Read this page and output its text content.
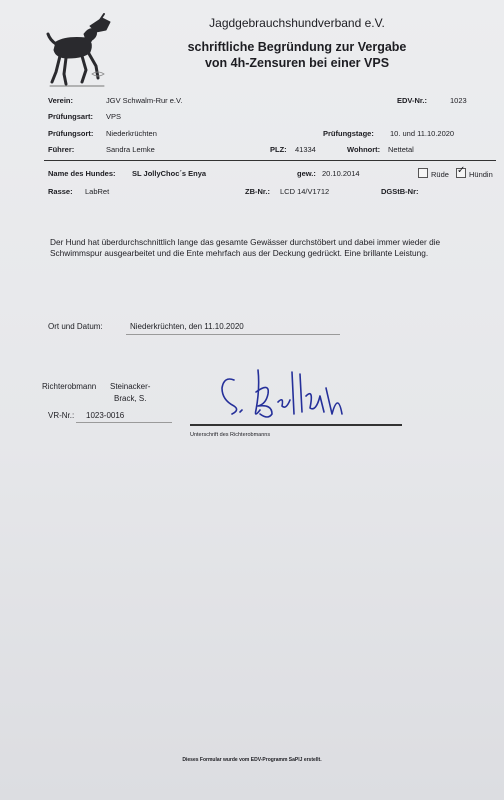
Jagdgebrauchshundverband e.V.
schriftliche Begründung zur Vergabe
von 4h-Zensuren bei einer VPS
Verein:	JGV Schwalm-Rur e.V.	EDV-Nr.:	1023
Prüfungsart: VPS
Prüfungsort: Niederkrüchten	Prüfungstage: 10. und 11.10.2020
Führer:	Sandra Lemke	PLZ: 41334	Wohnort: Nettetal
Name des Hundes: SL JollyChoc´s Enya	gew.: 20.10.2014	Rüde ✓ Hündin
Rasse: LabRet	ZB-Nr.: LCD 14/V1712	DGStB-Nr:
Der Hund hat überdurchschnittlich lange das gesamte Gewässer durchstöbert und dabei immer wieder die Schwimmspur ausgearbeitet und die Ente mehrfach aus der Deckung gedrückt. Eine brillante Leistung.
Ort und Datum:	Niederkrüchten, den 11.10.2020
Richterobmann Steinacker-
Brack, S.
VR-Nr.: 1023-0016
Unterschrift des Richterobmanns
Dieses Formular wurde vom EDV-Programm SaPlJ erstellt.
